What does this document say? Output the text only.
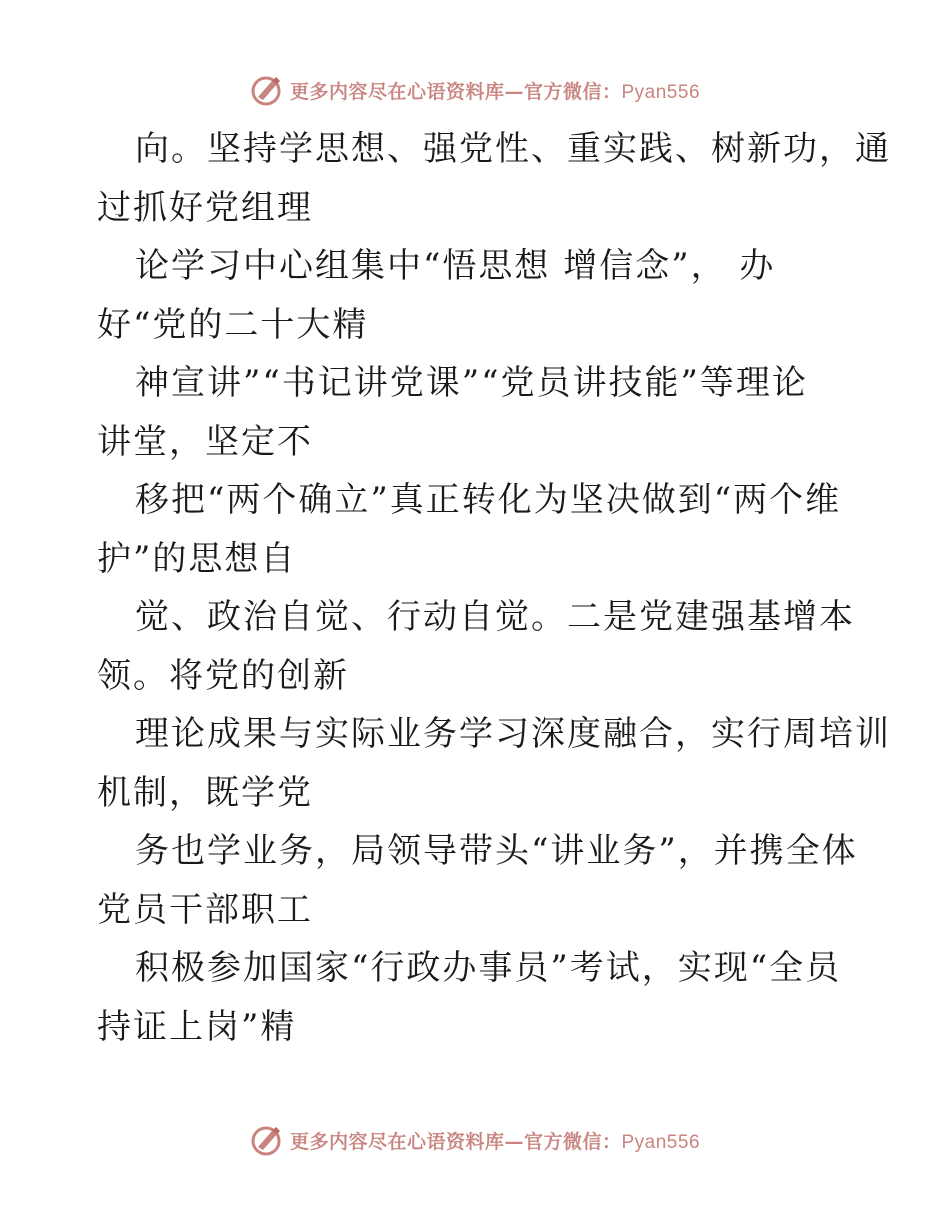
更多内容尽在心语资料库—官方微信：Pyan556
向。坚持学思想、强党性、重实践、树新功，通
过抓好党组理
论学习中心组集中“悟思想 增信念”， 办
好“党的二十大精
神宣讲”“书记讲党课”“党员讲技能”等理论
讲堂，坚定不
移把“两个确立”真正转化为坚决做到“两个维
护”的思想自
觉、政治自觉、行动自觉。二是党建强基增本
领。将党的创新
理论成果与实际业务学习深度融合，实行周培训
机制，既学党
务也学业务，局领导带头“讲业务”，并携全体
党员干部职工
积极参加国家“行政办事员”考试，实现“全员
持证上岗”精
更多内容尽在心语资料库—官方微信：Pyan556
